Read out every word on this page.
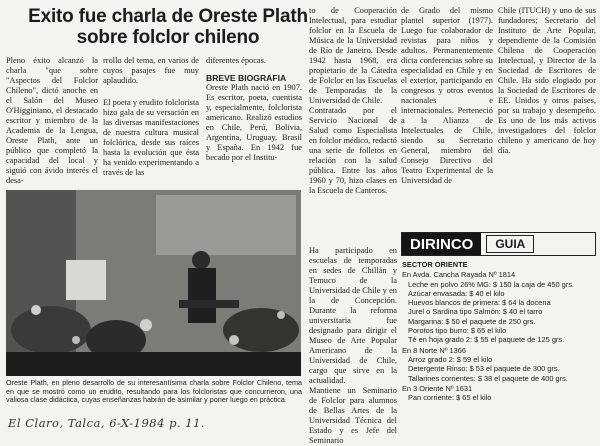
Exito fue charla de Oreste Plath sobre folclor chileno
Pleno éxito alcanzó la charla "que sobre "Aspectos del Folclor Chileno", dictó anoche en el Salón del Museo O'Higginiano, el destacado escritor y miembro de la Academia de la Lengua, Oreste Plath, ante un público que completó la capacidad del local y siguió con ávido interés el desa-
rrollo del tema, en varios de cuyos pasajes fue muy aplaudido.
El poeta y erudito folclorista hizo gala de su versación en las diversas manifestaciones de nuestra cultura musical folclórica, desde sus raíces hasta la evolución que ésta ha venido experimentando a través de las
diferentes épocas.
BREVE BIOGRAFIA
Oreste Plath nació en 1907. Es escritor, poeta, cuentista y, especialmente, folclorista americano. Realizó estudios en Chile, Perú, Bolivia, Argentina, Uruguay, Brasil y España. En 1942 fue becado por el Institu-
to de Cooperación Intelectual, para estudiar folclor en la Escuela de Música de la Universidad de Río de Janeiro. Desde 1942 hasta 1968, era propietario de la Cátedra de Folclor en las Escuelas de Temporadas de la Universidad de Chile.
Contratado por el Servicio Nacional de Salud como Especialista en folclor médico, redactó una serie de folletos en relación con la salud pública. Entre los años 1960 y 70, hizo clases en la Escuela de Canteros.
Ha participado en escuelas de temporadas en sedes de Chillán y Temuco de la Universidad de Chile y en la de Concepción. Durante la reforma universitaria fue designado para dirigir el Museo de Arte Popular Americano de la Universidad de Chile, cargo que sirve en la actualidad.
Mantiene un Seminario de Folclor para alumnos de Bellas Artes de la Universidad Técnica del Estado y es Jefe del Seminario
de Grado del mismo plantel superior (1977). Luego fue colaborador de revistas para niños y adultos. Permanentemente dicta conferencias sobre su especialidad en Chile y en el exterior, participando en congresos y otros eventos nacionales e internacionales. Perteneció a la Alianza de Intelectuales de Chile, siendo su Secretario General, miembro del Consejo Directivo del Teatro Experimental de la Universidad de
Chile (ITUCH) y uno de sus fundadores; Secretario del Instituto de Arte Popular, dependiente de la Comisión Chilena de Cooperación Intelectual, y Director de la Sociedad de Escritores de Chile. Ha sido elogiado por la Sociedad de Escritores de EE. Unidos y otros países, por su trabajo y desempeño. Es uno de los más activos investigadores del folclor chileno y americano de hoy día.
Oreste Plath, en pleno desarrollo de su interesantísima charla sobre Folclor Chileno, tema en que se mostró como un erudito, resultando para los folcloristas que concurrieron, una valiosa clase didáctica, cuyas enseñanzas habrán de asimilar y poner luego en práctica.
El Claro, Talca, 6-X-1984 p. 11.
DIRINCO	GUIA
SECTOR ORIENTE
En Avda. Cancha Rayada Nº 1814
Leche en polvo 26% MG: $ 150 la caja de 450 grs.
Azúcar envasada: $ 40 el kilo
Huevos blancos de primera: $ 64 la docena
Jurel o Sardina tipo Salmón: $ 40 el tarro
Margarina: $ 50 el paquete de 250 grs.
Porotos tipo burro: $ 65 el kilo
Té en hoja grado 2: $ 55 el paquete de 125 grs.
En 8 Norte Nº 1366
Arroz grado 2: $ 59 el kilo
Detergente Rinso: $ 53 el paquete de 300 grs.
Tallarines corrientes: $ 38 el paquete de 400 grs.
En 3 Oriente Nº 1631
Pan corriente: $ 65 el kilo
